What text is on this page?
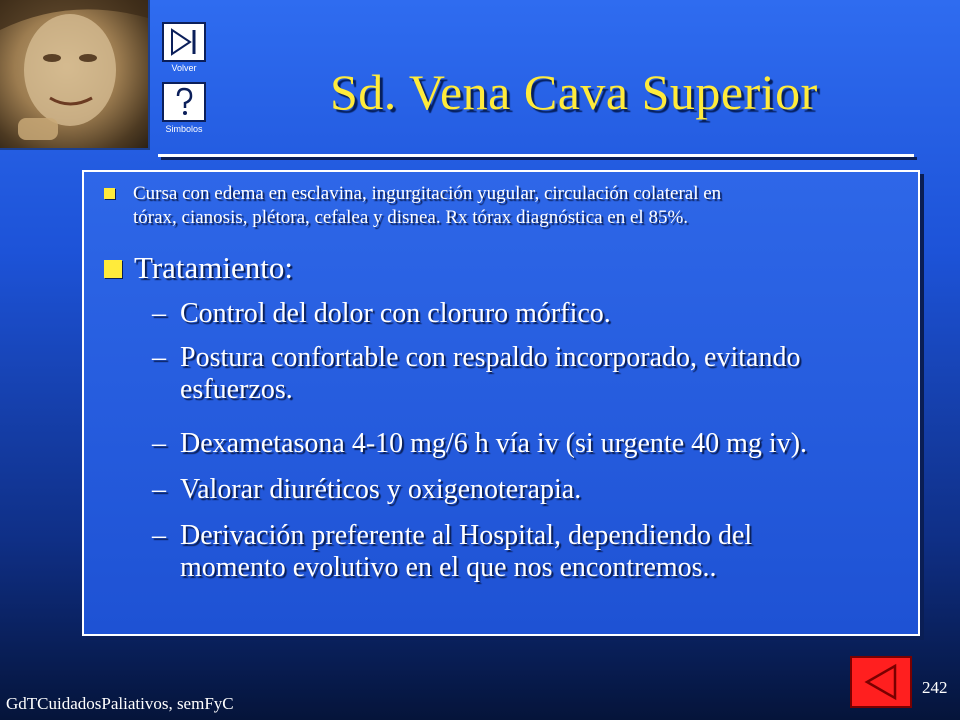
Volver
Simbolos
Sd. Vena Cava Superior
Cursa con edema en esclavina, ingurgitación yugular, circulación colateral en
tórax, cianosis, plétora, cefalea y disnea. Rx tórax diagnóstica en el 85%.
Tratamiento:
– Control del dolor con cloruro mórfico.
– Postura confortable con respaldo incorporado, evitando
esfuerzos.
– Dexametasona 4-10 mg/6 h vía iv (si urgente 40 mg iv).
– Valorar diuréticos y oxigenoterapia.
– Derivación preferente al Hospital, dependiendo del
momento evolutivo en el que nos encontremos..
GdTCuidadosPaliativos, semFyC
242
